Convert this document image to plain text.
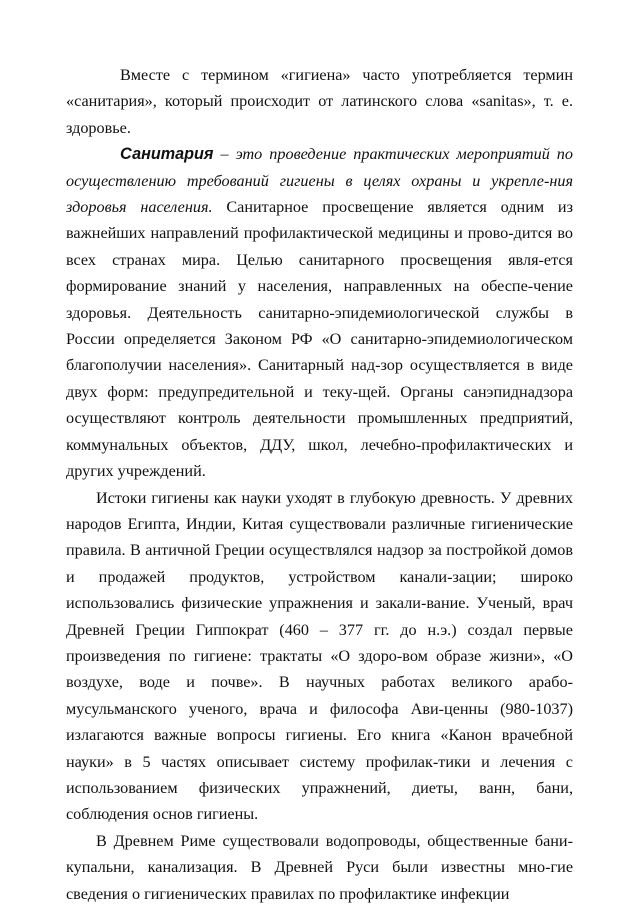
Вместе с термином «гигиена» часто употребляется термин «санитария», который происходит от латинского слова «sanitas», т. е. здоровье.

Санитария – это проведение практических мероприятий по осуществлению требований гигиены в целях охраны и укрепле-ния здоровья населения. Санитарное просвещение является одним из важнейших направлений профилактической медицины и прово-дится во всех странах мира. Целью санитарного просвещения явля-ется формирование знаний у населения, направленных на обеспе-чение здоровья. Деятельность санитарно-эпидемиологической службы в России определяется Законом РФ «О санитарно-эпидемиологическом благополучии населения». Санитарный над-зор осуществляется в виде двух форм: предупредительной и теку-щей. Органы санэпиднадзора осуществляют контроль деятельности промышленных предприятий, коммунальных объектов, ДДУ, школ, лечебно-профилактических и других учреждений.

Истоки гигиены как науки уходят в глубокую древность. У древних народов Египта, Индии, Китая существовали различные гигиенические правила. В античной Греции осуществлялся надзор за постройкой домов и продажей продуктов, устройством канали-зации; широко использовались физические упражнения и закали-вание. Ученый, врач Древней Греции Гиппократ (460 – 377 гг. до н.э.) создал первые произведения по гигиене: трактаты «О здоро-вом образе жизни», «О воздухе, воде и почве». В научных работах великого арабо- мусульманского ученого, врача и философа Ави-ценны (980-1037) излагаются важные вопросы гигиены. Его книга «Канон врачебной науки» в 5 частях описывает систему профилак-тики и лечения с использованием физических упражнений, диеты, ванн, бани, соблюдения основ гигиены.

В Древнем Риме существовали водопроводы, общественные бани-купальни, канализация. В Древней Руси были известны мно-гие сведения о гигиенических правилах по профилактике инфекции
